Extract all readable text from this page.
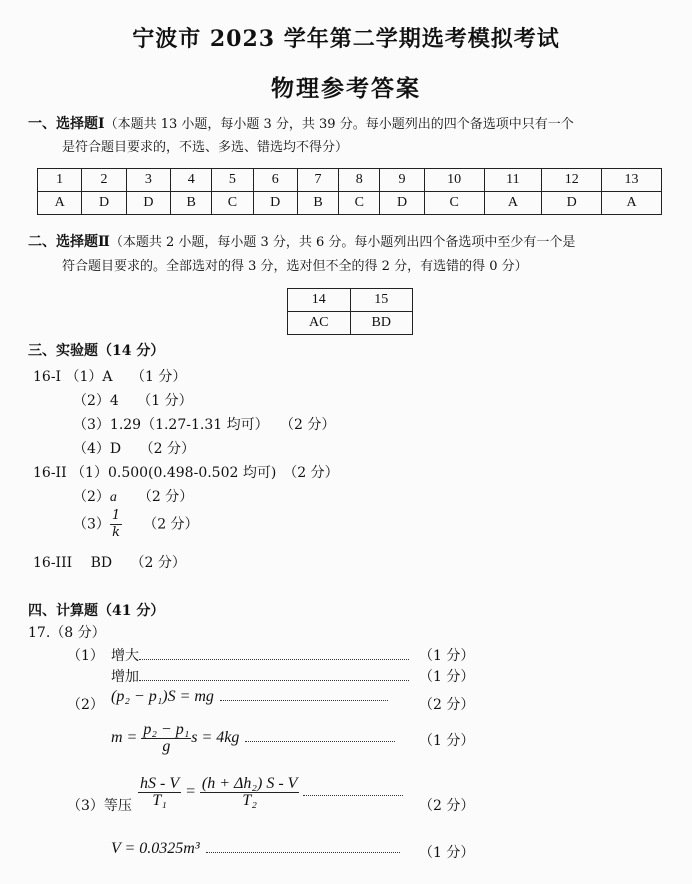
宁波市 2023 学年第二学期选考模拟考试
物理参考答案
一、选择题Ⅰ（本题共 13 小题，每小题 3 分，共 39 分。每小题列出的四个备选项中只有一个
是符合题目要求的，不选、多选、错选均不得分）
1	2	3	4	5	6	7	8	9	10	11	12	13
A	D	D	B	C	D	B	C	D	C	A	D	A
二、选择题Ⅱ（本题共 2 小题，每小题 3 分，共 6 分。每小题列出四个备选项中至少有一个是
符合题目要求的。全部选对的得 3 分，选对但不全的得 2 分，有选错的得 0 分）
14	15
AC	BD
三、实验题（14 分）
16-I （1）A　 （1 分）
（2）4　 （1 分）
（3）1.29（1.27-1.31 均可）　 （2 分）
（4）D　 （2 分）
16-II （1）0.500(0.498-0.502 均可)　（2 分）
（2）a　　 （2 分）
$(3) \frac{1}{k}$
　　 （2 分）
16-III　 BD　 （2 分）
四、计算题（41 分）
17.（8 分）
（1） 增大	（1 分）
增加	（1 分）
（2） (p₂ − p₁)S = mg	（2 分）
$m = \frac{\text{p₂ − p₁}}{g}$ s = 4kg	（1 分）
（3）等压 $\frac{hS - V}{\text{T₁}} = \frac{\text{(h + Δh₂) S - V}}{\text{T₂}}$	（2 分）
V = 0.0325m³	（1 分）
